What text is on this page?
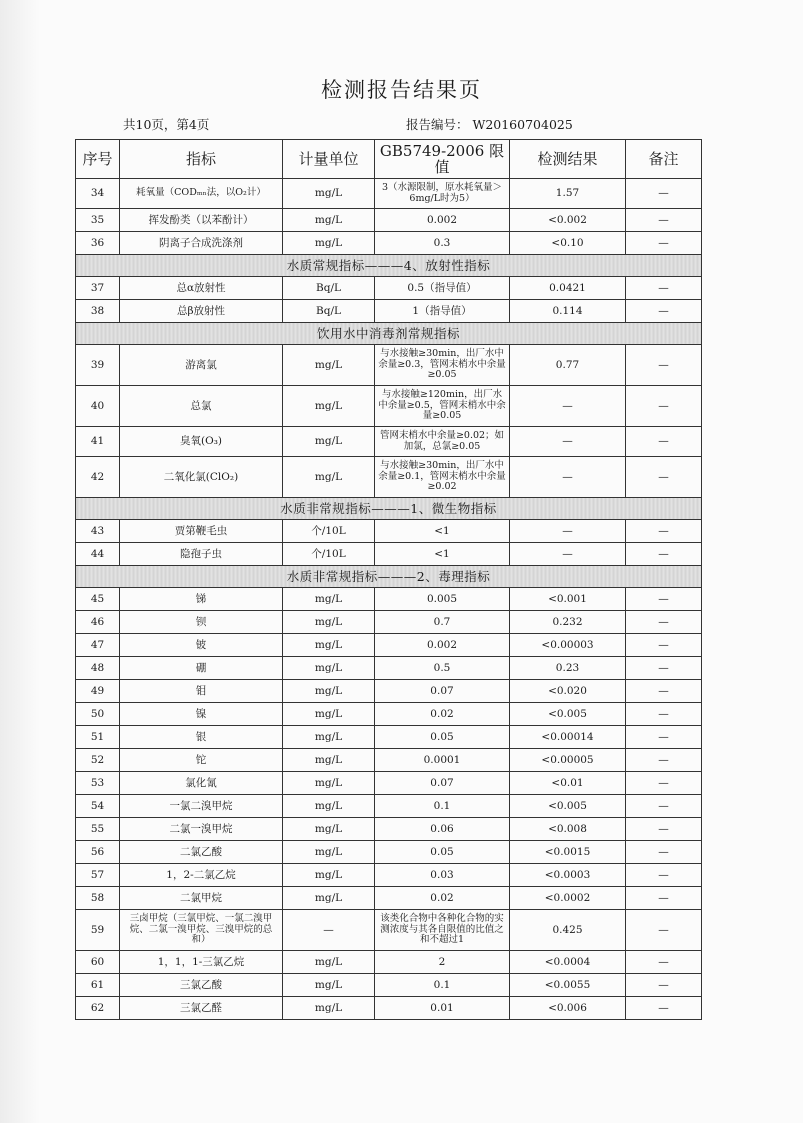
检测报告结果页
共10页，第4页	报告编号： W20160704025
序号	指标	计量单位	GB5749-2006 限值	检测结果	备注
34	耗氧量（CODₘₙ法，以O₂计）	mg/L	3（水源限制，原水耗氧量＞6mg/L时为5）	1.57	—
35	挥发酚类（以苯酚计）	mg/L	0.002	<0.002	—
36	阴离子合成洗涤剂	mg/L	0.3	<0.10	—
水质常规指标———4、放射性指标					
37	总α放射性	Bq/L	0.5（指导值）	0.0421	—
38	总β放射性	Bq/L	1（指导值）	0.114	—
饮用水中消毒剂常规指标					
39	游离氯	mg/L	与水接触≥30min，出厂水中余量≥0.3，管网末梢水中余量≥0.05	0.77	—
40	总氯	mg/L	与水接触≥120min，出厂水中余量≥0.5，管网末梢水中余量≥0.05	—	—
41	臭氧(O₃)	mg/L	管网末梢水中余量≥0.02；如加氯，总氯≥0.05	—	—
42	二氧化氯(ClO₂)	mg/L	与水接触≥30min，出厂水中余量≥0.1，管网末梢水中余量≥0.02	—	—
水质非常规指标———1、微生物指标					
43	贾第鞭毛虫	个/10L	<1	—	—
44	隐孢子虫	个/10L	<1	—	—
水质非常规指标———2、毒理指标					
45	锑	mg/L	0.005	<0.001	—
46	钡	mg/L	0.7	0.232	—
47	铍	mg/L	0.002	<0.00003	—
48	硼	mg/L	0.5	0.23	—
49	钼	mg/L	0.07	<0.020	—
50	镍	mg/L	0.02	<0.005	—
51	银	mg/L	0.05	<0.00014	—
52	铊	mg/L	0.0001	<0.00005	—
53	氯化氰	mg/L	0.07	<0.01	—
54	一氯二溴甲烷	mg/L	0.1	<0.005	—
55	二氯一溴甲烷	mg/L	0.06	<0.008	—
56	二氯乙酸	mg/L	0.05	<0.0015	—
57	1，2-二氯乙烷	mg/L	0.03	<0.0003	—
58	二氯甲烷	mg/L	0.02	<0.0002	—
59	三卤甲烷（三氯甲烷、一氯二溴甲烷、二氯一溴甲烷、三溴甲烷的总和）	—	该类化合物中各种化合物的实测浓度与其各自限值的比值之和不超过1	0.425	—
60	1，1，1-三氯乙烷	mg/L	2	<0.0004	—
61	三氯乙酸	mg/L	0.1	<0.0055	—
62	三氯乙醛	mg/L	0.01	<0.006	—
